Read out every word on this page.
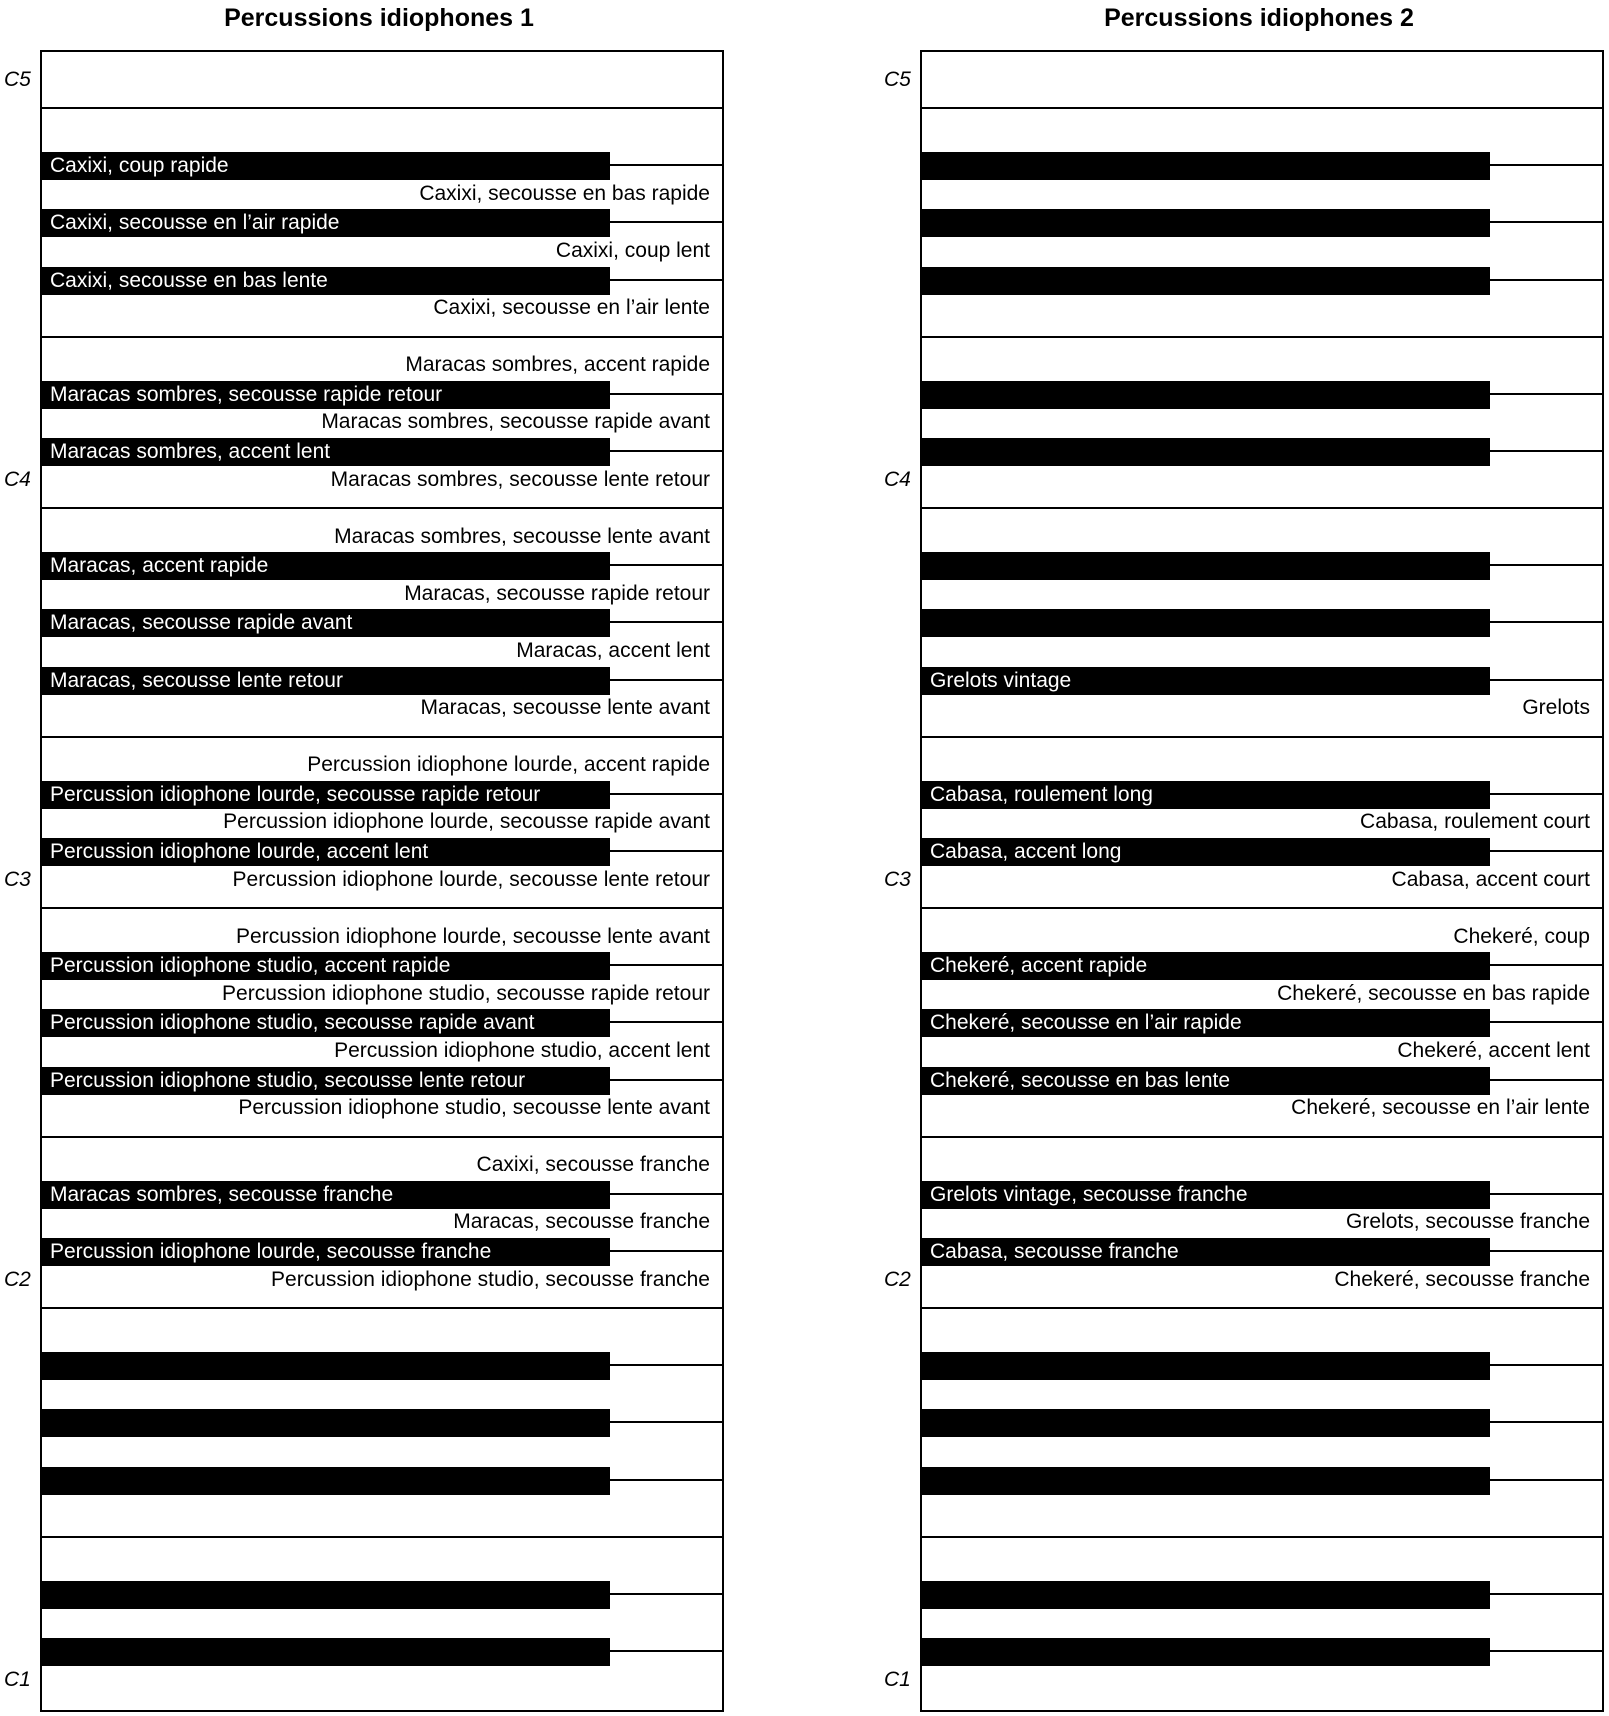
Percussions idiophones 1	Percussions idiophones 2
Caxixi, secousse en bas rapide
Caxixi, coup lent
Caxixi, secousse en l’air lente
Maracas sombres, accent rapide
Maracas sombres, secousse rapide avant
Maracas sombres, secousse lente retour
Maracas sombres, secousse lente avant
Maracas, secousse rapide retour
Maracas, accent lent
Maracas, secousse lente avant
Percussion idiophone lourde, accent rapide
Percussion idiophone lourde, secousse rapide avant
Percussion idiophone lourde, secousse lente retour
Percussion idiophone lourde, secousse lente avant
Percussion idiophone studio, secousse rapide retour
Percussion idiophone studio, accent lent
Percussion idiophone studio, secousse lente avant
Caxixi, secousse franche
Maracas, secousse franche
Percussion idiophone studio, secousse franche
Caxixi, coup rapide
Caxixi, secousse en l’air rapide
Caxixi, secousse en bas lente
Maracas sombres, secousse rapide retour
Maracas sombres, accent lent
Maracas, accent rapide
Maracas, secousse rapide avant
Maracas, secousse lente retour
Percussion idiophone lourde, secousse rapide retour
Percussion idiophone lourde, accent lent
Percussion idiophone studio, accent rapide
Percussion idiophone studio, secousse rapide avant
Percussion idiophone studio, secousse lente retour
Maracas sombres, secousse franche
Percussion idiophone lourde, secousse franche
Grelots
Cabasa, roulement court
Cabasa, accent court
Chekeré, coup
Chekeré, secousse en bas rapide
Chekeré, accent lent
Chekeré, secousse en l’air lente
Grelots, secousse franche
Chekeré, secousse franche
Grelots vintage
Cabasa, roulement long
Cabasa, accent long
Chekeré, accent rapide
Chekeré, secousse en l’air rapide
Chekeré, secousse en bas lente
Grelots vintage, secousse franche
Cabasa, secousse franche
C5
C4
C3
C2
C1
C5
C4
C3
C2
C1
